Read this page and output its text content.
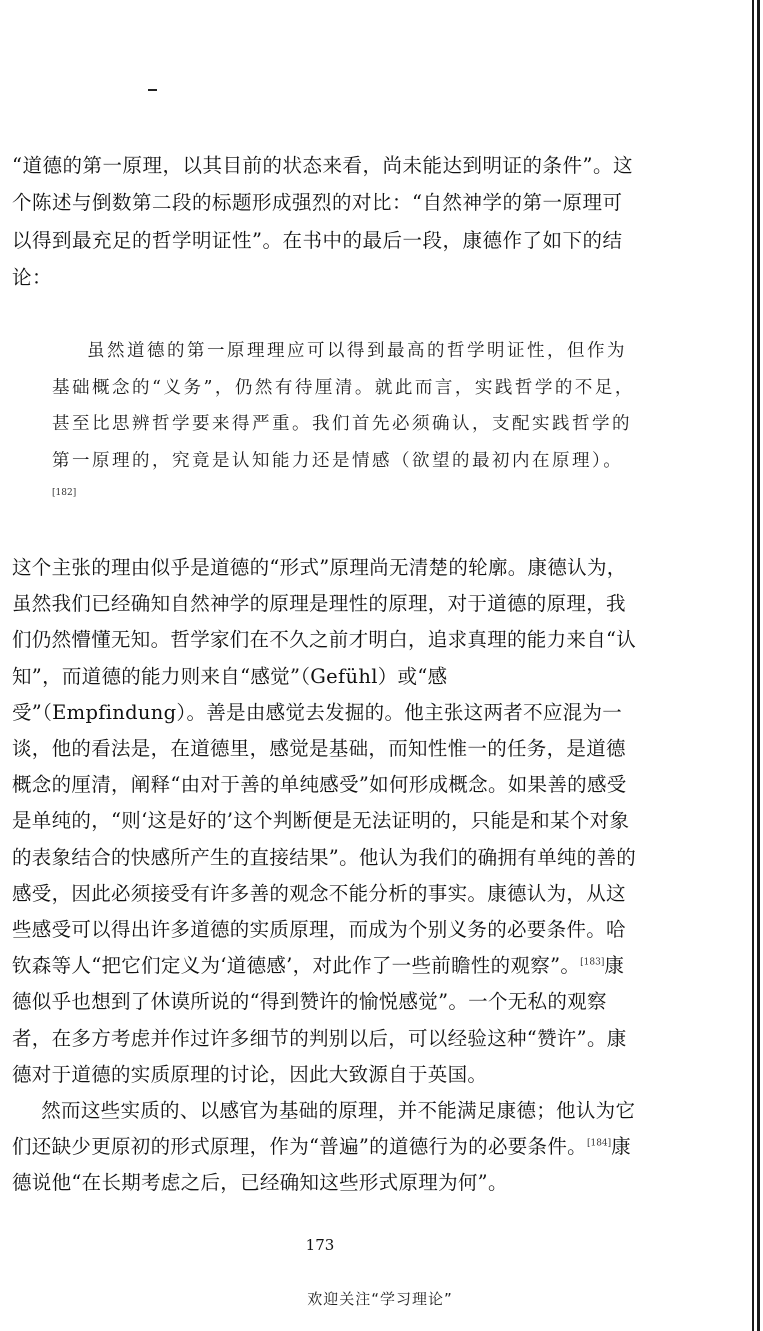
“道德的第一原理，以其目前的状态来看，尚未能达到明证的条件”。这个陈述与倒数第二段的标题形成强烈的对比：“自然神学的第一原理可以得到最充足的哲学明证性”。在书中的最后一段，康德作了如下的结论：

虽然道德的第一原理理应可以得到最高的哲学明证性，但作为基础概念的“义务”，仍然有待厘清。就此而言，实践哲学的不足，甚至比思辨哲学要来得严重。我们首先必须确认，支配实践哲学的第一原理的，究竟是认知能力还是情感（欲望的最初内在原理）。[182]

这个主张的理由似乎是道德的“形式”原理尚无清楚的轮廓。康德认为，虽然我们已经确知自然神学的原理是理性的原理，对于道德的原理，我们仍然懵懂无知。哲学家们在不久之前才明白，追求真理的能力来自“认知”，而道德的能力则来自“感觉”（Gefühl）或“感受”（Empfindung）。善是由感觉去发掘的。他主张这两者不应混为一谈，他的看法是，在道德里，感觉是基础，而知性惟一的任务，是道德概念的厘清，阐释“由对于善的单纯感受”如何形成概念。如果善的感受是单纯的，“则‘这是好的’这个判断便是无法证明的，只能是和某个对象的表象结合的快感所产生的直接结果”。他认为我们的确拥有单纯的善的感受，因此必须接受有许多善的观念不能分析的事实。康德认为，从这些感受可以得出许多道德的实质原理，而成为个别义务的必要条件。哈钦森等人“把它们定义为‘道德感’，对此作了一些前瞻性的观察”。[183]康德似乎也想到了休谟所说的“得到赞许的愉悦感觉”。一个无私的观察者，在多方考虑并作过许多细节的判别以后，可以经验这种“赞许”。康德对于道德的实质原理的讨论，因此大致源自于英国。
然而这些实质的、以感官为基础的原理，并不能满足康德；他认为它们还缺少更原初的形式原理，作为“普遍”的道德行为的必要条件。[184]康德说他“在长期考虑之后，已经确知这些形式原理为何”。
173
欢迎关注“学习理论”
